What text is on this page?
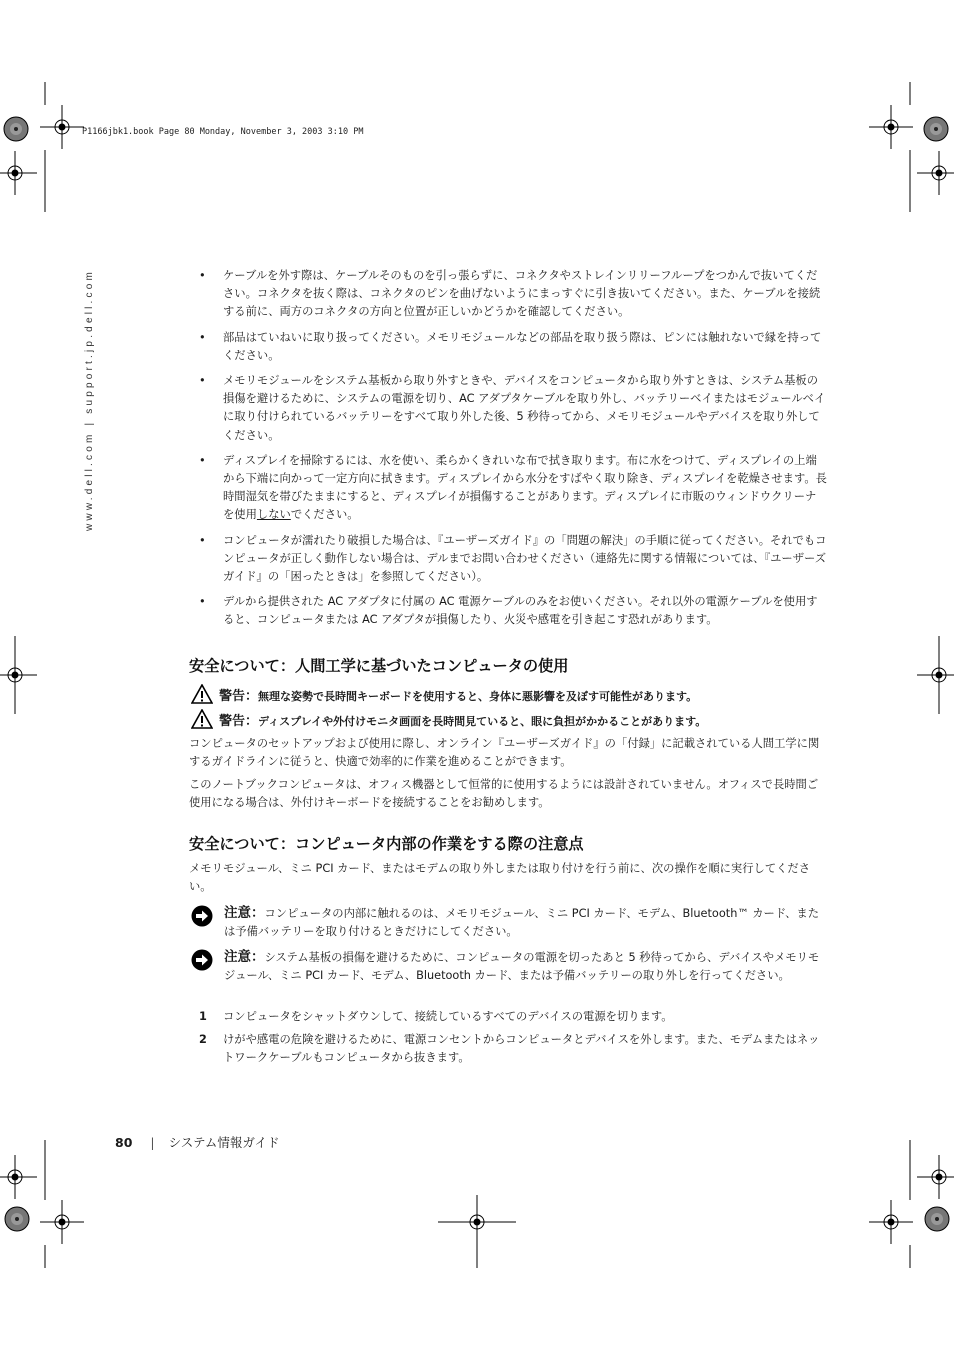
P1166jbk1.book Page 80 Monday, November 3, 2003 3:10 PM
www.dell.com | support.jp.dell.com	• ケーブルを外す際は、ケーブルそのものを引っ張らずに、コネクタやストレインリリーフループをつかんで抜いてください。コネクタを抜く際は、コネクタのピンを曲げないようにまっすぐに引き抜いてください。また、ケーブルを接続する前に、両方のコネクタの方向と位置が正しいかどうかを確認してください。
• 部品はていねいに取り扱ってください。メモリモジュールなどの部品を取り扱う際は、ピンには触れないで縁を持ってください。
• メモリモジュールをシステム基板から取り外すときや、デバイスをコンピュータから取り外すときは、システム基板の損傷を避けるために、システムの電源を切り、AC アダプタケーブルを取り外し、バッテリーベイまたはモジュールベイに取り付けられているバッテリーをすべて取り外した後、5 秒待ってから、メモリモジュールやデバイスを取り外してください。
• ディスプレイを掃除するには、水を使い、柔らかくきれいな布で拭き取ります。布に水をつけて、ディスプレイの上端から下端に向かって一定方向に拭きます。ディスプレイから水分をすばやく取り除き、ディスプレイを乾燥させます。長時間湿気を帯びたままにすると、ディスプレイが損傷することがあります。ディスプレイに市販のウィンドウクリーナを使用しないでください。
• コンピュータが濡れたり破損した場合は、『ユーザーズガイド』の「問題の解決」の手順に従ってください。それでもコンピュータが正しく動作しない場合は、デルまでお問い合わせください（連絡先に関する情報については、『ユーザーズガイド』の「困ったときは」を参照してください）。
• デルから提供された AC アダプタに付属の AC 電源ケーブルのみをお使いください。それ以外の電源ケーブルを使用すると、コンピュータまたは AC アダプタが損傷したり、火災や感電を引き起こす恐れがあります。
安全について：人間工学に基づいたコンピュータの使用
警告：無理な姿勢で長時間キーボードを使用すると、身体に悪影響を及ぼす可能性があります。
警告：ディスプレイや外付けモニタ画面を長時間見ていると、眼に負担がかかることがあります。
コンピュータのセットアップおよび使用に際し、オンライン『ユーザーズガイド』の「付録」に記載されている人間工学に関するガイドラインに従うと、快適で効率的に作業を進めることができます。
このノートブックコンピュータは、オフィス機器として恒常的に使用するようには設計されていません。オフィスで長時間ご使用になる場合は、外付けキーボードを接続することをお勧めします。
安全について：コンピュータ内部の作業をする際の注意点
メモリモジュール、ミニ PCI カード、またはモデムの取り外しまたは取り付けを行う前に、次の操作を順に実行してください。
注意：コンピュータの内部に触れるのは、メモリモジュール、ミニ PCI カード、モデム、Bluetooth™ カード、または予備バッテリーを取り付けるときだけにしてください。
注意：システム基板の損傷を避けるために、コンピュータの電源を切ったあと 5 秒待ってから、デバイスやメモリモジュール、ミニ PCI カード、モデム、Bluetooth カード、または予備バッテリーの取り外しを行ってください。
1 コンピュータをシャットダウンして、接続しているすべてのデバイスの電源を切ります。
2 けがや感電の危険を避けるために、電源コンセントからコンピュータとデバイスを外します。また、モデムまたはネットワークケーブルもコンピュータから抜きます。
80 | システム情報ガイド
